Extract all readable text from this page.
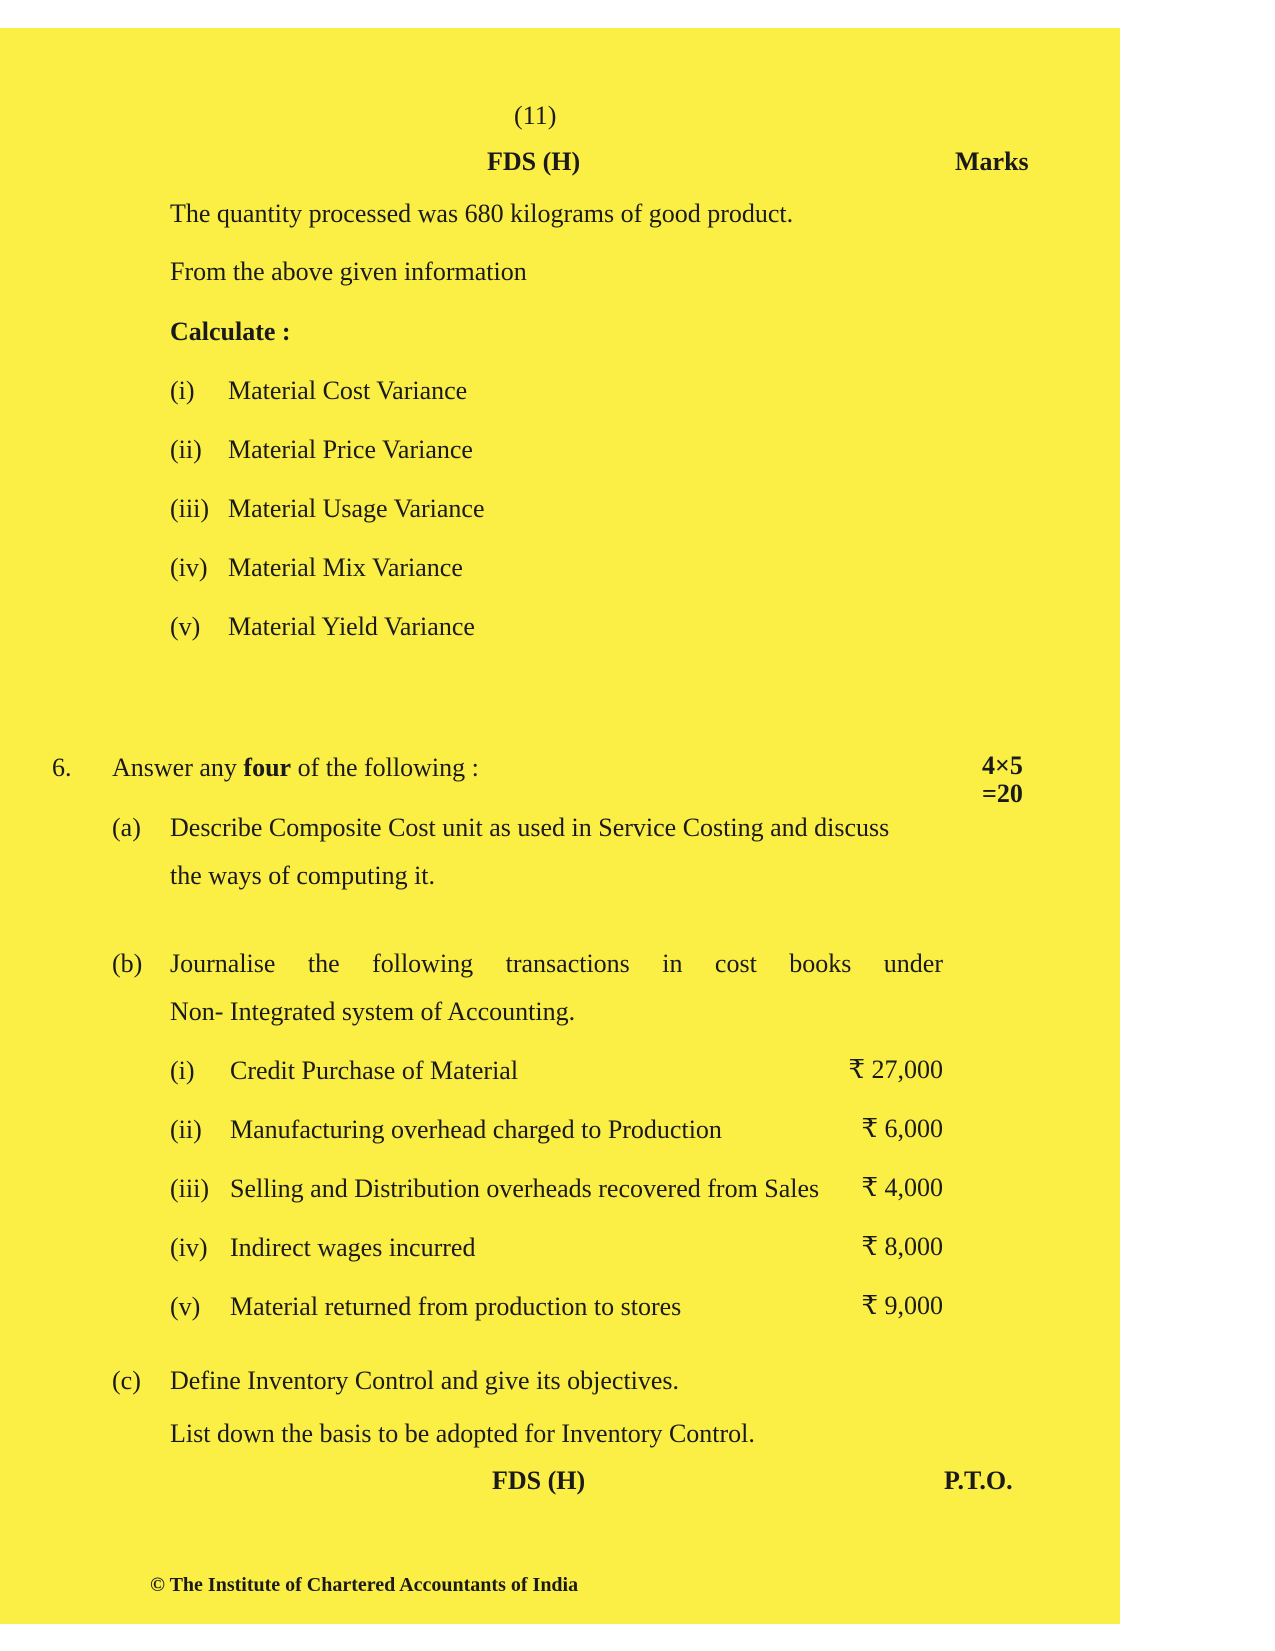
(11)
FDS (H)	Marks
The quantity processed was 680 kilograms of good product.
From the above given information
Calculate :
(i) Material Cost Variance
(ii) Material Price Variance
(iii) Material Usage Variance
(iv) Material Mix Variance
(v) Material Yield Variance
6. Answer any four of the following :	4×5
=20
(a) Describe Composite Cost unit as used in Service Costing and discuss
the ways of computing it.
(b) Journalise the following transactions in cost books under
Non- Integrated system of Accounting.
(i) Credit Purchase of Material	₹ 27,000
(ii) Manufacturing overhead charged to Production	₹ 6,000
(iii) Selling and Distribution overheads recovered from Sales	₹ 4,000
(iv) Indirect wages incurred	₹ 8,000
(v) Material returned from production to stores	₹ 9,000
(c) Define Inventory Control and give its objectives.
List down the basis to be adopted for Inventory Control.
FDS (H)	P.T.O.
© The Institute of Chartered Accountants of India
